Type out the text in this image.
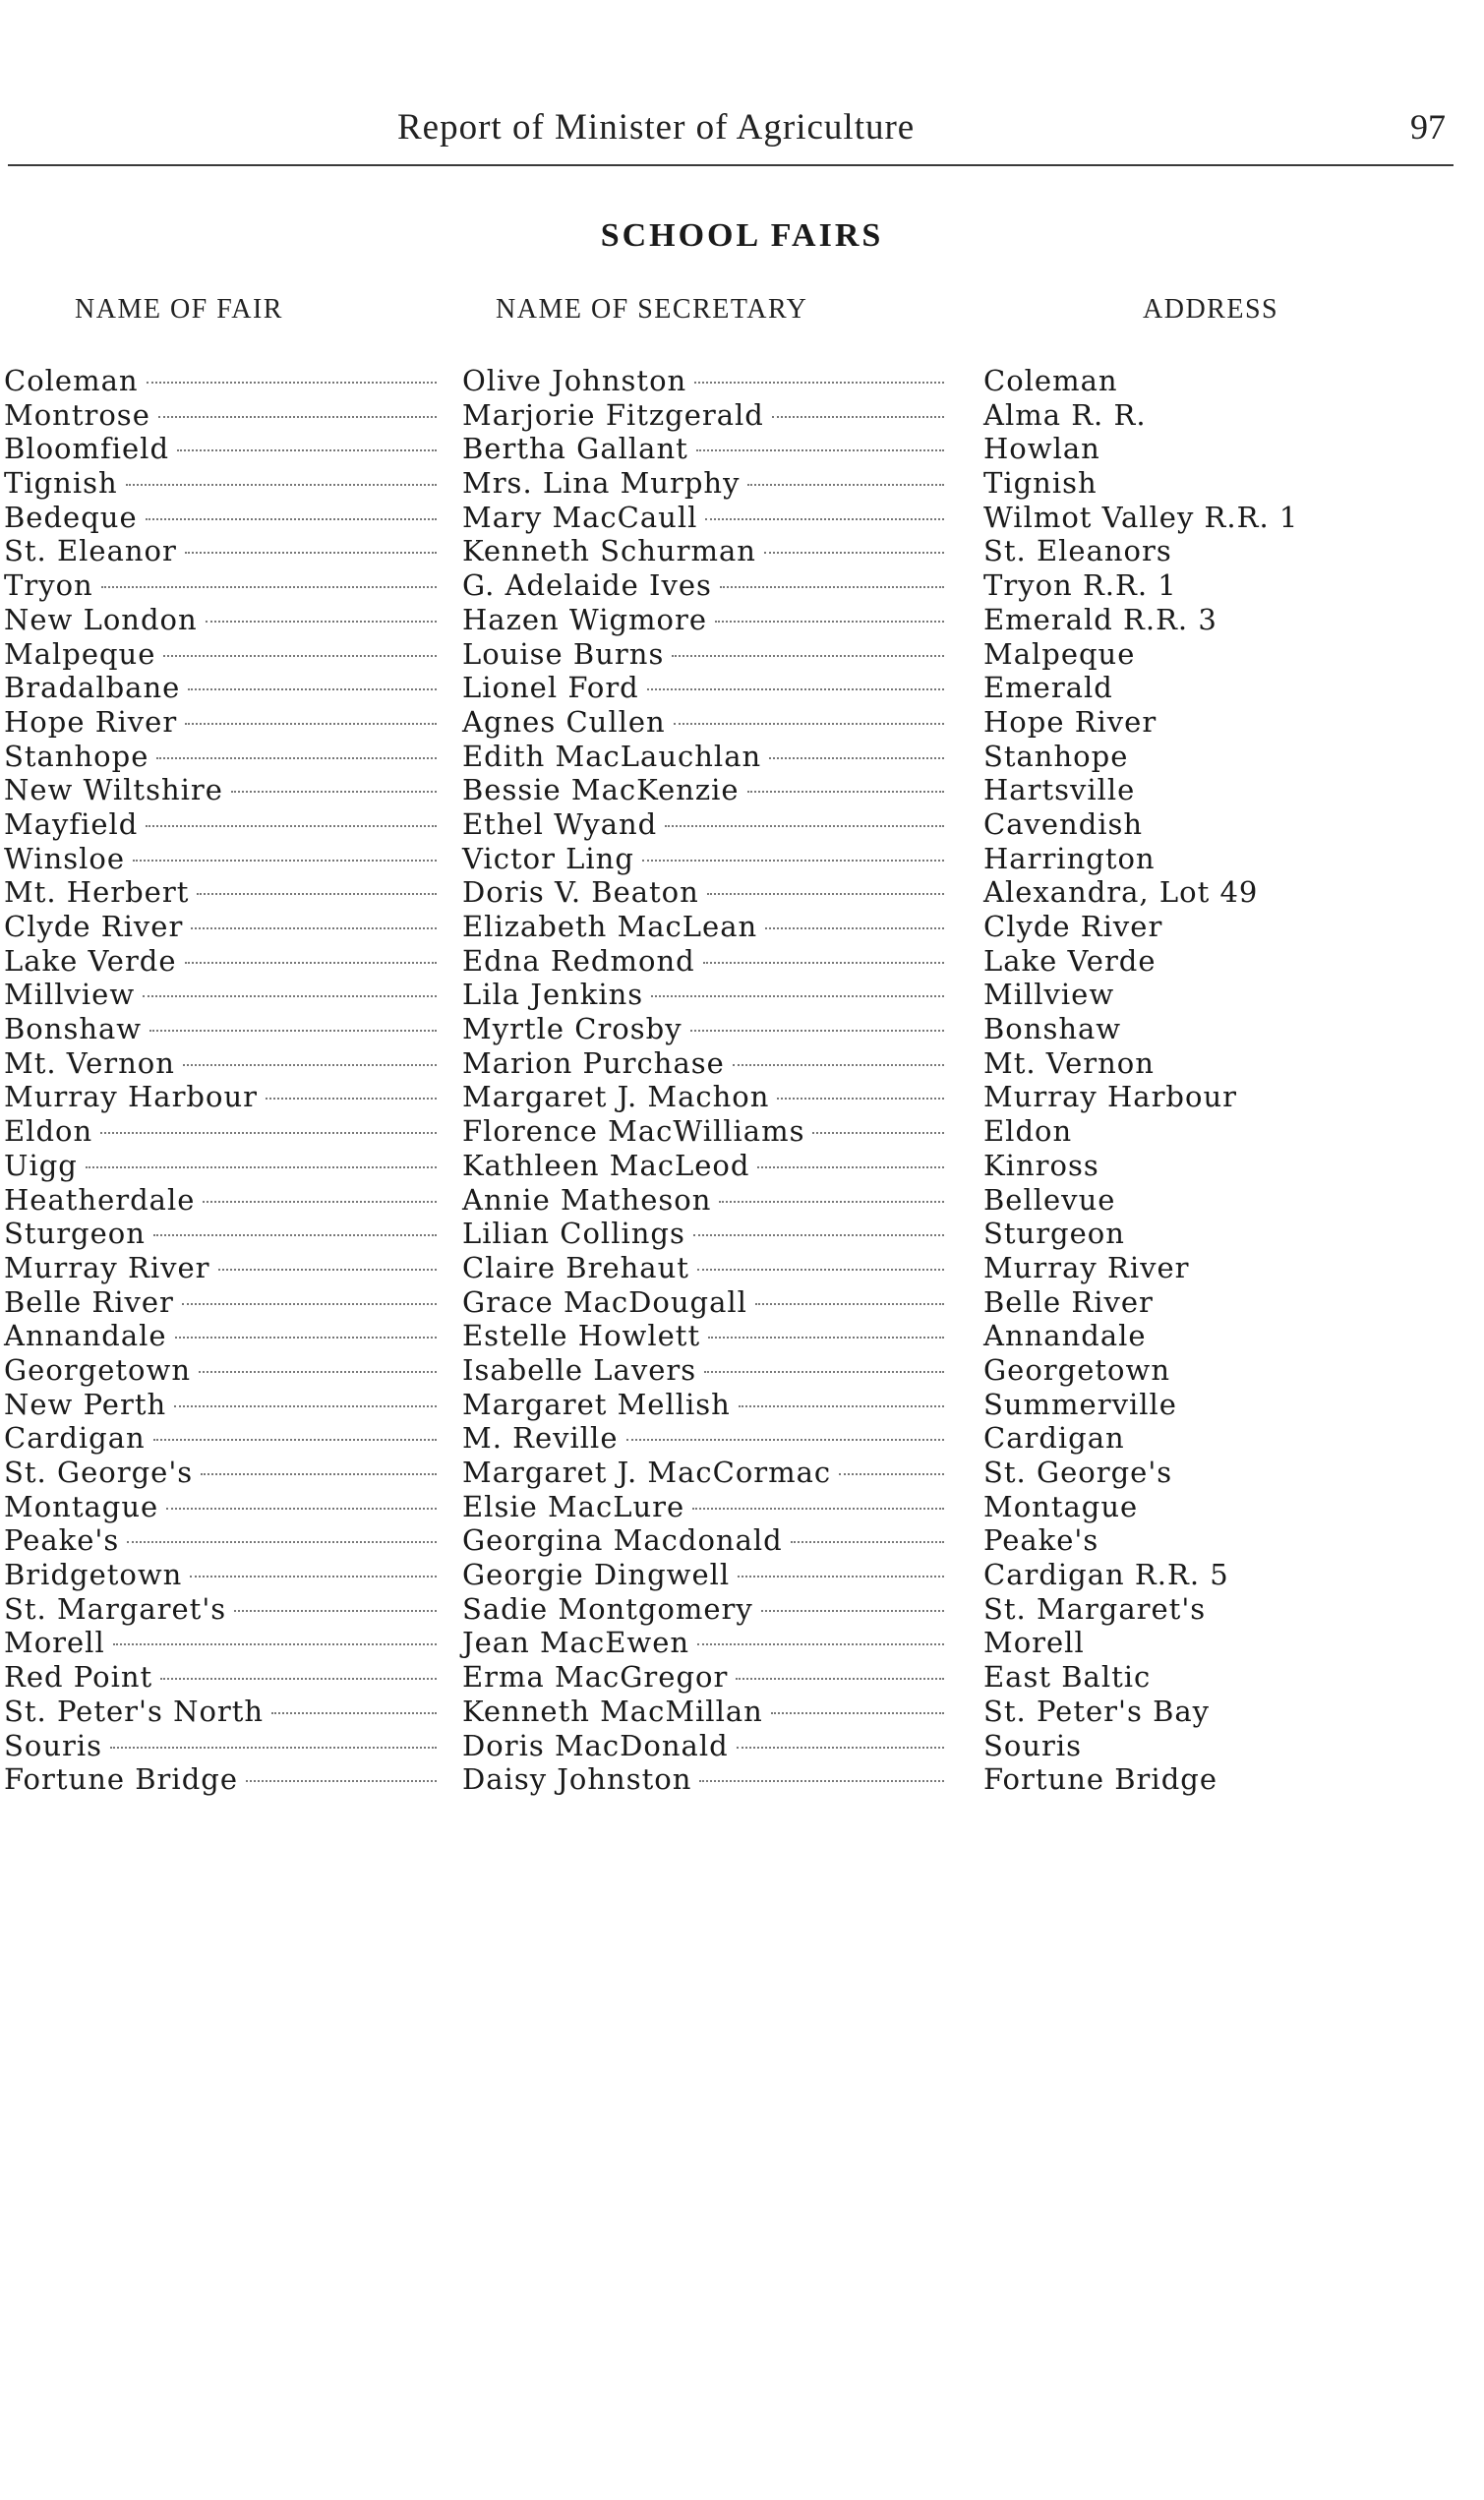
Report of Minister of Agriculture	97
SCHOOL FAIRS
NAME OF FAIR	NAME OF SECRETARY	ADDRESS
Coleman	Olive Johnston	Coleman
Montrose	Marjorie Fitzgerald	Alma R. R.
Bloomfield	Bertha Gallant	Howlan
Tignish	Mrs. Lina Murphy	Tignish
Bedeque	Mary MacCaull	Wilmot Valley R.R. 1
St. Eleanor	Kenneth Schurman	St. Eleanors
Tryon	G. Adelaide Ives	Tryon R.R. 1
New London	Hazen Wigmore	Emerald R.R. 3
Malpeque	Louise Burns	Malpeque
Bradalbane	Lionel Ford	Emerald
Hope River	Agnes Cullen	Hope River
Stanhope	Edith MacLauchlan	Stanhope
New Wiltshire	Bessie MacKenzie	Hartsville
Mayfield	Ethel Wyand	Cavendish
Winsloe	Victor Ling	Harrington
Mt. Herbert	Doris V. Beaton	Alexandra, Lot 49
Clyde River	Elizabeth MacLean	Clyde River
Lake Verde	Edna Redmond	Lake Verde
Millview	Lila Jenkins	Millview
Bonshaw	Myrtle Crosby	Bonshaw
Mt. Vernon	Marion Purchase	Mt. Vernon
Murray Harbour	Margaret J. Machon	Murray Harbour
Eldon	Florence MacWilliams	Eldon
Uigg	Kathleen MacLeod	Kinross
Heatherdale	Annie Matheson	Bellevue
Sturgeon	Lilian Collings	Sturgeon
Murray River	Claire Brehaut	Murray River
Belle River	Grace MacDougall	Belle River
Annandale	Estelle Howlett	Annandale
Georgetown	Isabelle Lavers	Georgetown
New Perth	Margaret Mellish	Summerville
Cardigan	M. Reville	Cardigan
St. George's	Margaret J. MacCormac	St. George's
Montague	Elsie MacLure	Montague
Peake's	Georgina Macdonald	Peake's
Bridgetown	Georgie Dingwell	Cardigan R.R. 5
St. Margaret's	Sadie Montgomery	St. Margaret's
Morell	Jean MacEwen	Morell
Red Point	Erma MacGregor	East Baltic
St. Peter's North	Kenneth MacMillan	St. Peter's Bay
Souris	Doris MacDonald	Souris
Fortune Bridge	Daisy Johnston	Fortune Bridge
